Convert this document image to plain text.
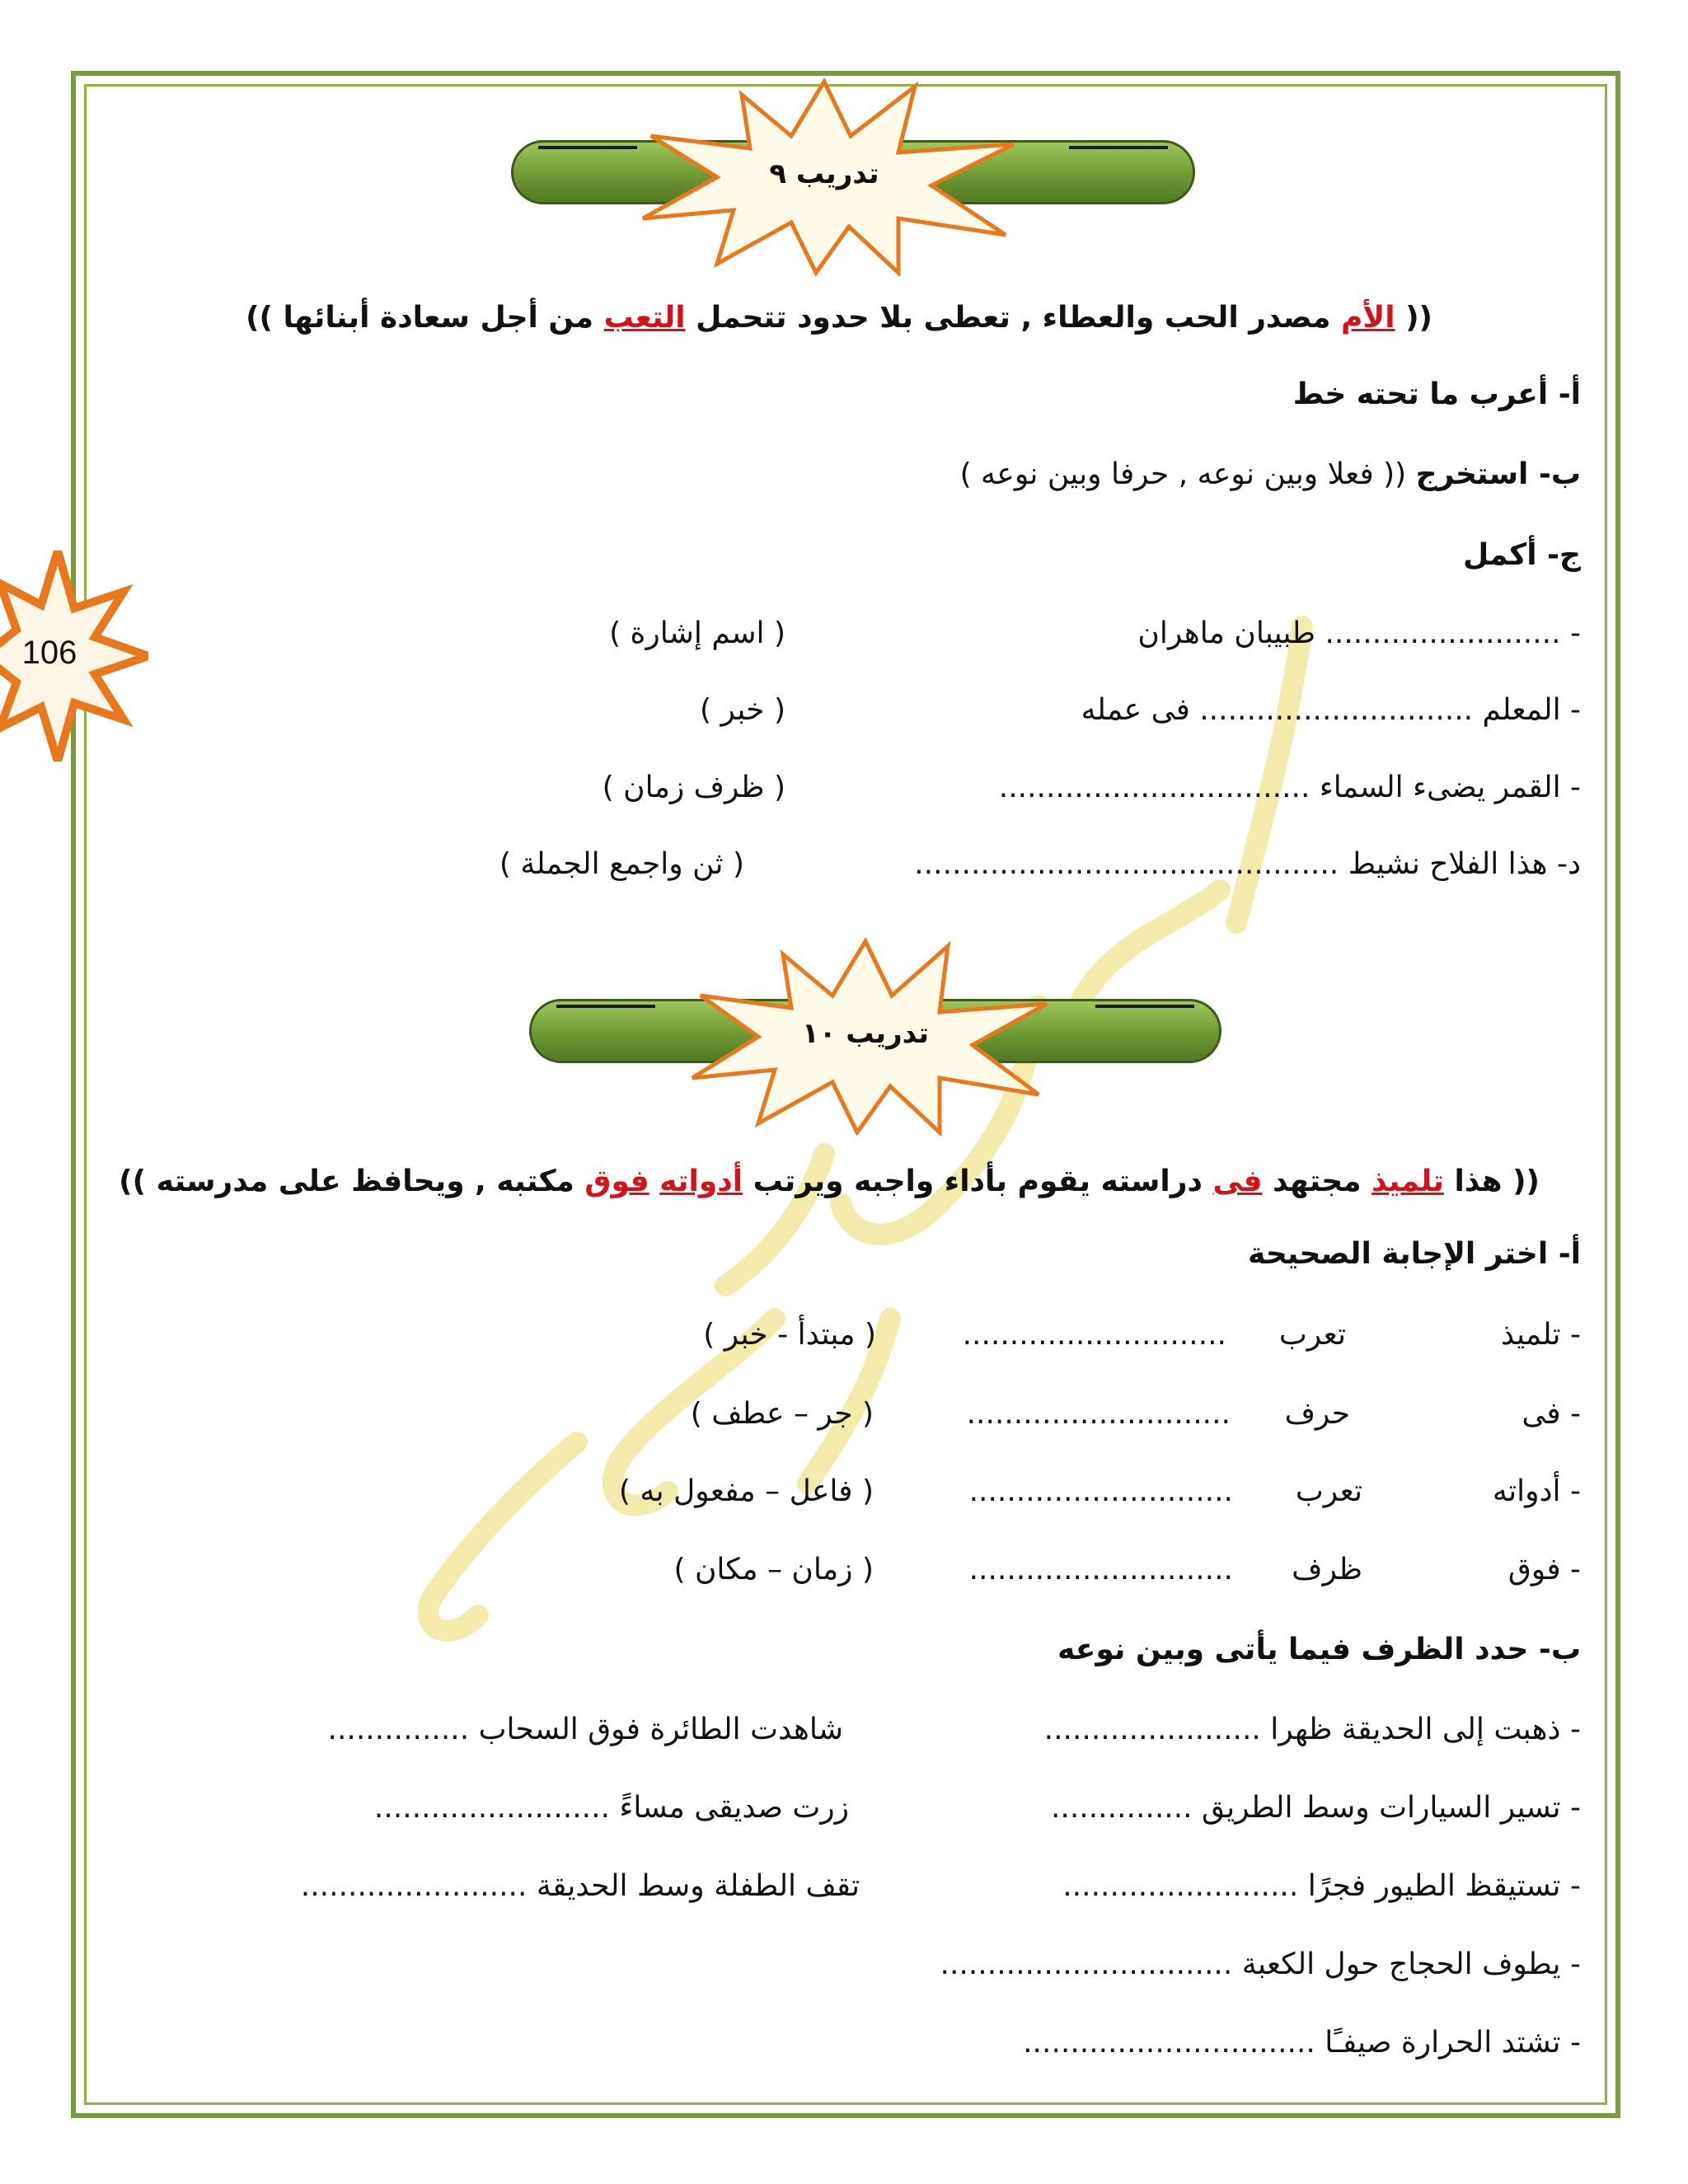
106
تدريب ٩
(( الأم مصدر الحب والعطاء , تعطى بلا حدود تتحمل التعب من أجل سعادة أبنائها ))
أ- أعرب ما تحته خط
ب- استخرج (( فعلا وبين نوعه , حرفا وبين نوعه )
ج- أكمل
- ......................... طبيبان ماهران
( اسم إشارة )
- المعلم ............................. فى عمله
( خبر )
- القمر يضىء السماء .................................
( ظرف زمان )
د- هذا الفلاح نشيط .............................................
( ثن واجمع الجملة )
تدريب ١٠
(( هذا تلميذ مجتهد فى دراسته يقوم بأداء واجبه ويرتب أدواته فوق مكتبه , ويحافظ على مدرسته ))
أ- اختر الإجابة الصحيحة
- تلميذ
تعرب
............................
( مبتدأ - خبر )
- فى
حرف
............................
( جر – عطف )
- أدواته
تعرب
............................
( فاعل – مفعول به )
- فوق
ظرف
............................
( زمان – مكان )
ب- حدد الظرف فيما يأتى وبين نوعه
- ذهبت إلى الحديقة ظهرا .......................
شاهدت الطائرة فوق السحاب ...............
- تسير السيارات وسط الطريق ...............
زرت صديقى مساءً .........................
- تستيقظ الطيور فجرًا .........................
تقف الطفلة وسط الحديقة ........................
- يطوف الحجاج حول الكعبة ...............................
- تشتد الحرارة صيفـًا ...............................
